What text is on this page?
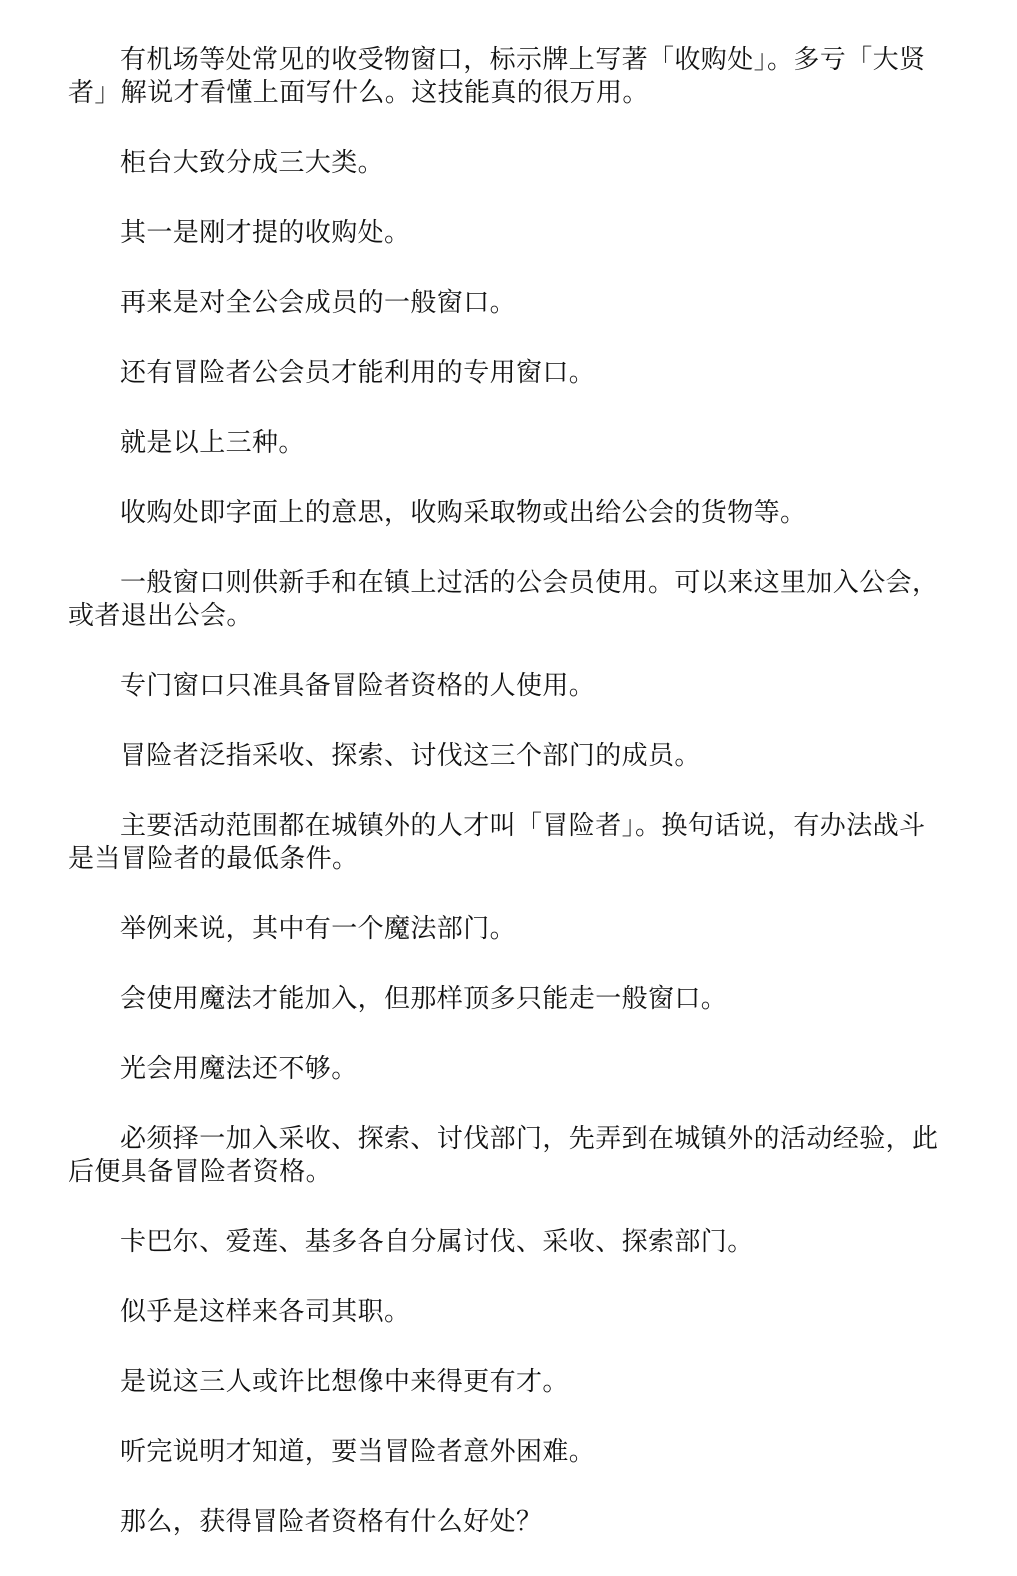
有机场等处常见的收受物窗口，标示牌上写著「收购处」。多亏「大贤者」解说才看懂上面写什么。这技能真的很万用。

柜台大致分成三大类。

其一是刚才提的收购处。

再来是对全公会成员的一般窗口。

还有冒险者公会员才能利用的专用窗口。

就是以上三种。

收购处即字面上的意思，收购采取物或出给公会的货物等。

一般窗口则供新手和在镇上过活的公会员使用。可以来这里加入公会，或者退出公会。

专门窗口只准具备冒险者资格的人使用。

冒险者泛指采收、探索、讨伐这三个部门的成员。

主要活动范围都在城镇外的人才叫「冒险者」。换句话说，有办法战斗是当冒险者的最低条件。

举例来说，其中有一个魔法部门。

会使用魔法才能加入，但那样顶多只能走一般窗口。

光会用魔法还不够。

必须择一加入采收、探索、讨伐部门，先弄到在城镇外的活动经验，此后便具备冒险者资格。

卡巴尔、爱莲、基多各自分属讨伐、采收、探索部门。

似乎是这样来各司其职。

是说这三人或许比想像中来得更有才。

听完说明才知道，要当冒险者意外困难。

那么，获得冒险者资格有什么好处？
